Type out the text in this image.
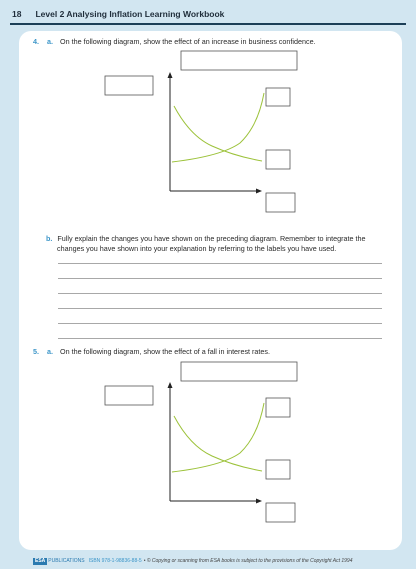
18 Level 2 Analysing Inflation Learning Workbook
4. a. On the following diagram, show the effect of an increase in business confidence.
b. Fully explain the changes you have shown on the preceding diagram. Remember to integrate the
changes you have shown into your explanation by referring to the labels you have used.
5. a. On the following diagram, show the effect of a fall in interest rates.
ESA PUBLICATIONS ISBN 978-1-98836-88-5 • © Copying or scanning from ESA books is subject to the provisions of the Copyright Act 1994
